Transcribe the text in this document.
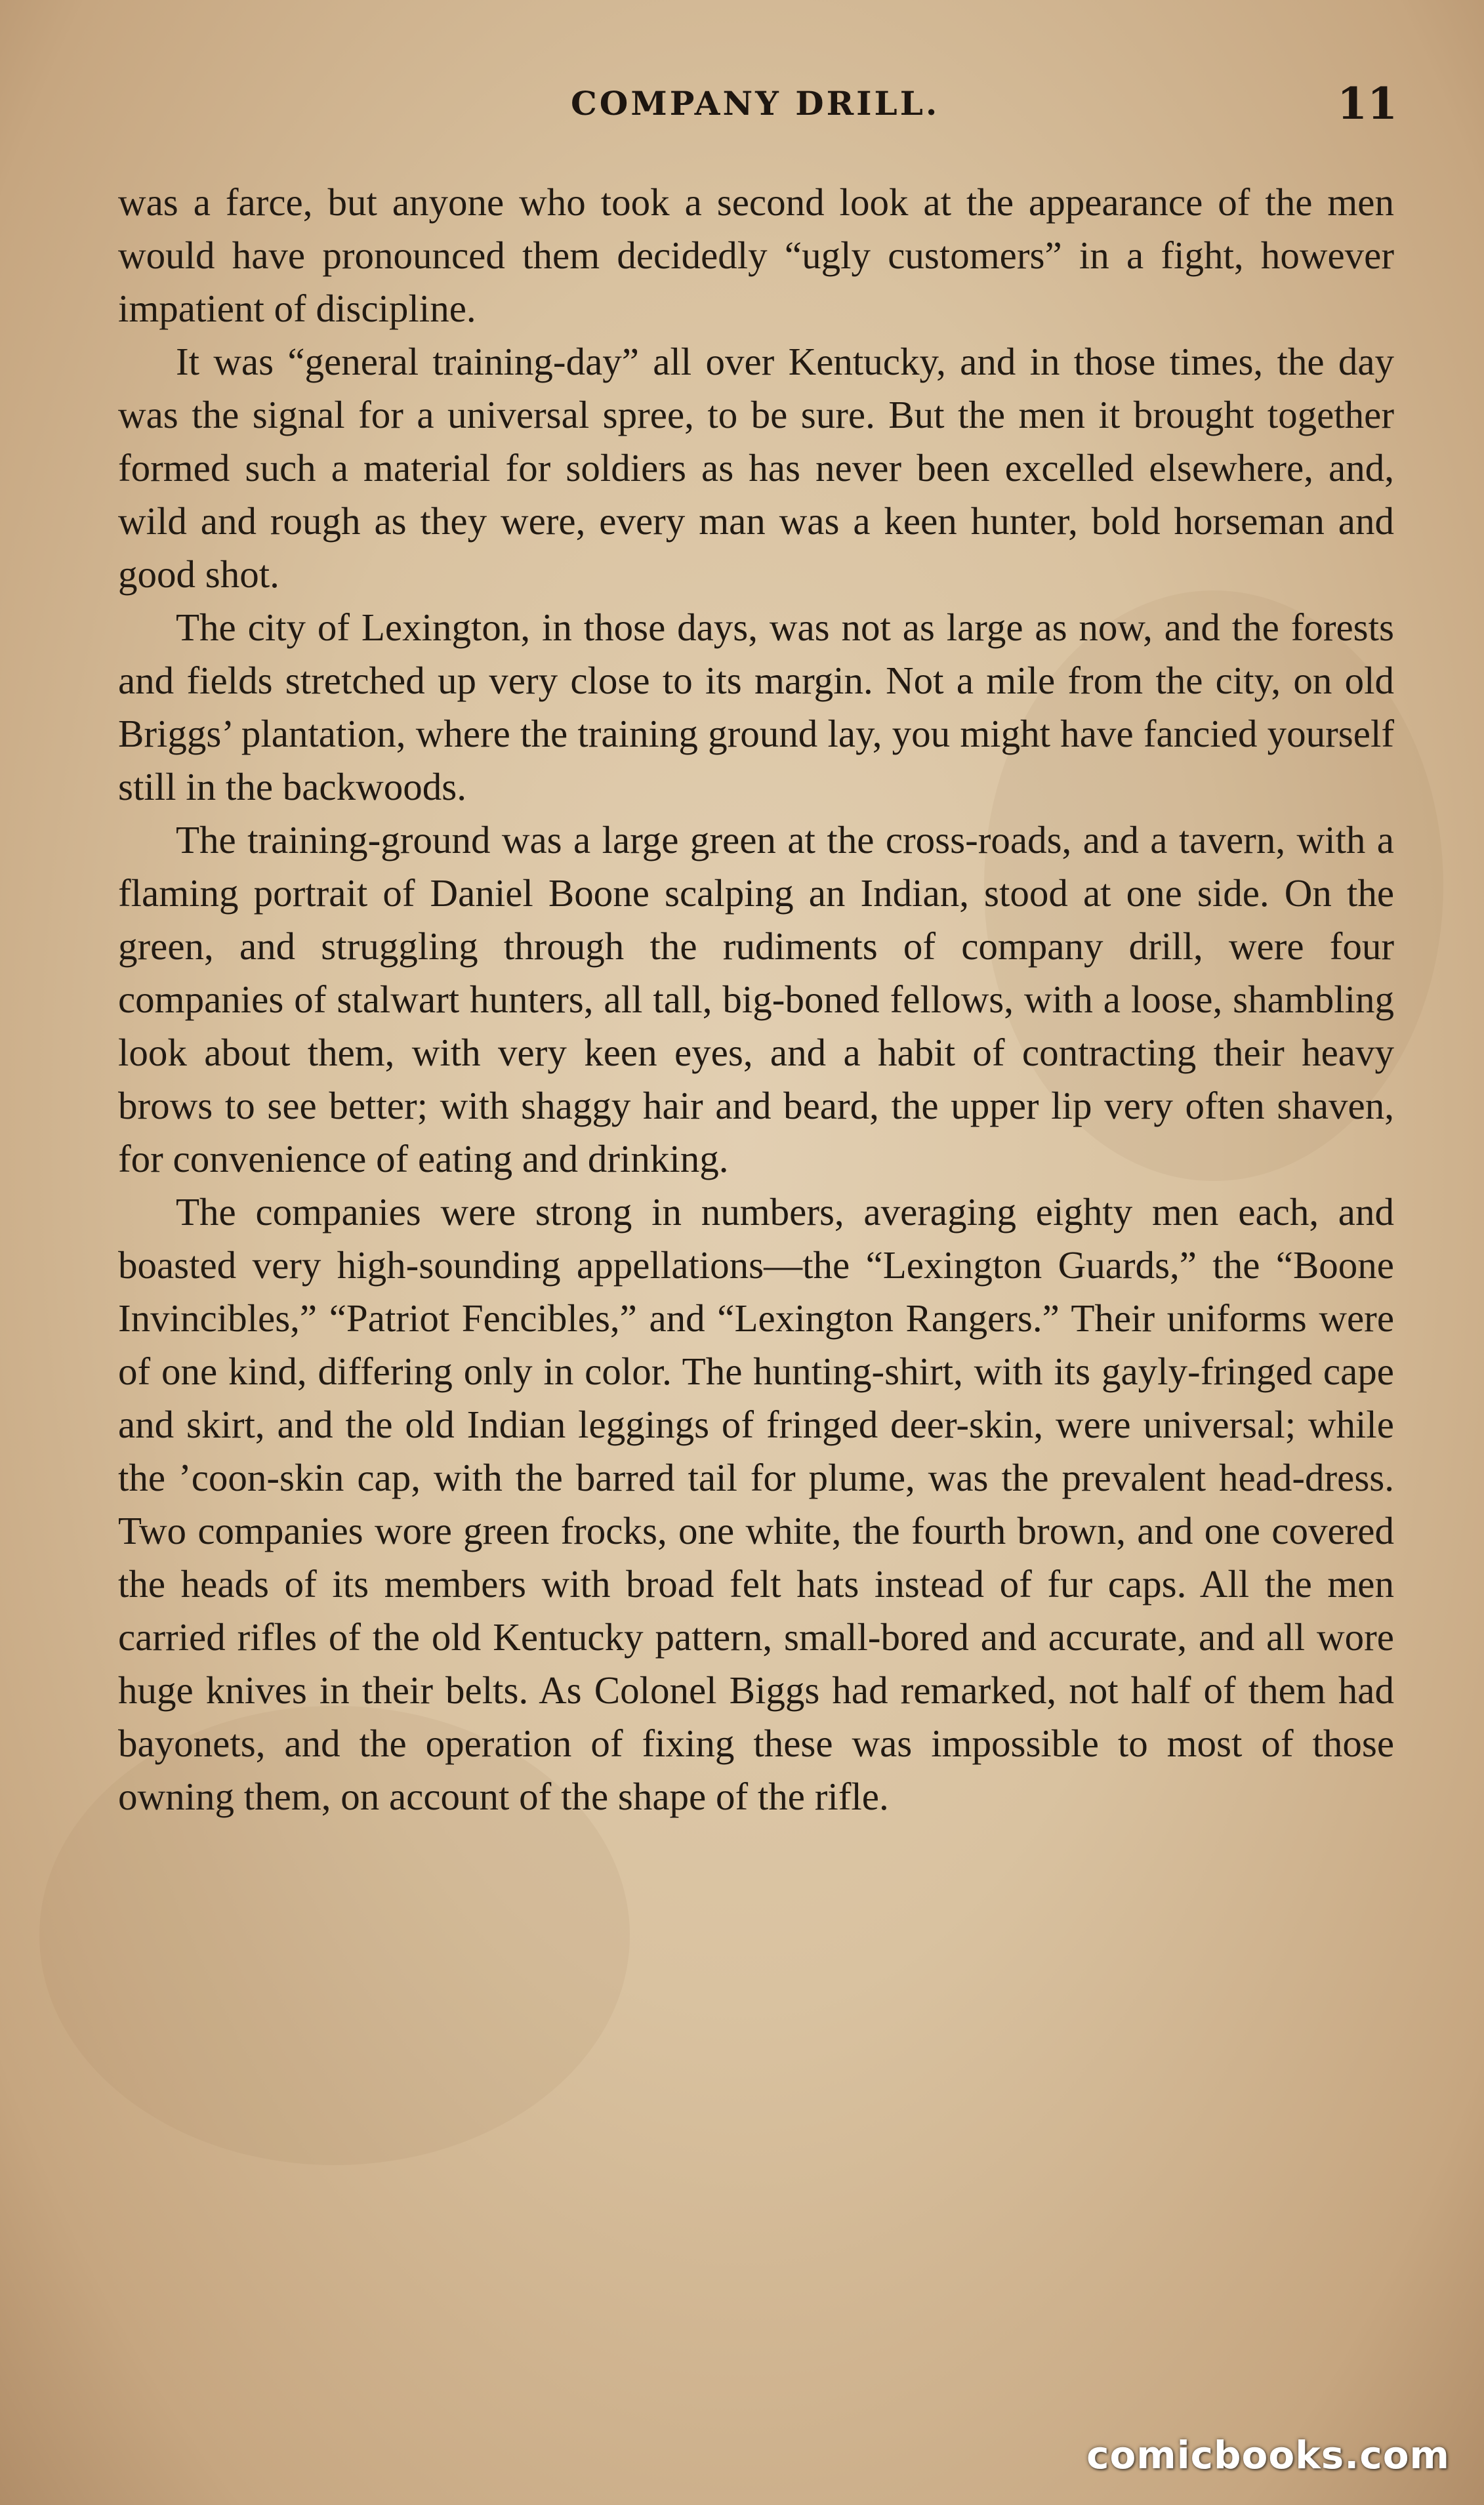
COMPANY DRILL.	11

was a farce, but anyone who took a second look at the appearance of the men would have pronounced them decidedly “ugly customers” in a fight, however impatient of discipline.

It was “general training-day” all over Kentucky, and in those times, the day was the signal for a universal spree, to be sure. But the men it brought together formed such a material for soldiers as has never been excelled elsewhere, and, wild and rough as they were, every man was a keen hunter, bold horseman and good shot.

The city of Lexington, in those days, was not as large as now, and the forests and fields stretched up very close to its margin. Not a mile from the city, on old Briggs’ plantation, where the training ground lay, you might have fancied yourself still in the backwoods.

The training-ground was a large green at the cross-roads, and a tavern, with a flaming portrait of Daniel Boone scalping an Indian, stood at one side. On the green, and struggling through the rudiments of company drill, were four companies of stalwart hunters, all tall, big-boned fellows, with a loose, shambling look about them, with very keen eyes, and a habit of contracting their heavy brows to see better; with shaggy hair and beard, the upper lip very often shaven, for convenience of eating and drinking.

The companies were strong in numbers, averaging eighty men each, and boasted very high-sounding appellations—the “Lexington Guards,” the “Boone Invincibles,” “Patriot Fencibles,” and “Lexington Rangers.” Their uniforms were of one kind, differing only in color. The hunting-shirt, with its gayly-fringed cape and skirt, and the old Indian leggings of fringed deer-skin, were universal; while the ’coon-skin cap, with the barred tail for plume, was the prevalent head-dress. Two companies wore green frocks, one white, the fourth brown, and one covered the heads of its members with broad felt hats instead of fur caps. All the men carried rifles of the old Kentucky pattern, small-bored and accurate, and all wore huge knives in their belts. As Colonel Biggs had remarked, not half of them had bayonets, and the operation of fixing these was impossible to most of those owning them, on account of the shape of the rifle.

comicbooks.com
